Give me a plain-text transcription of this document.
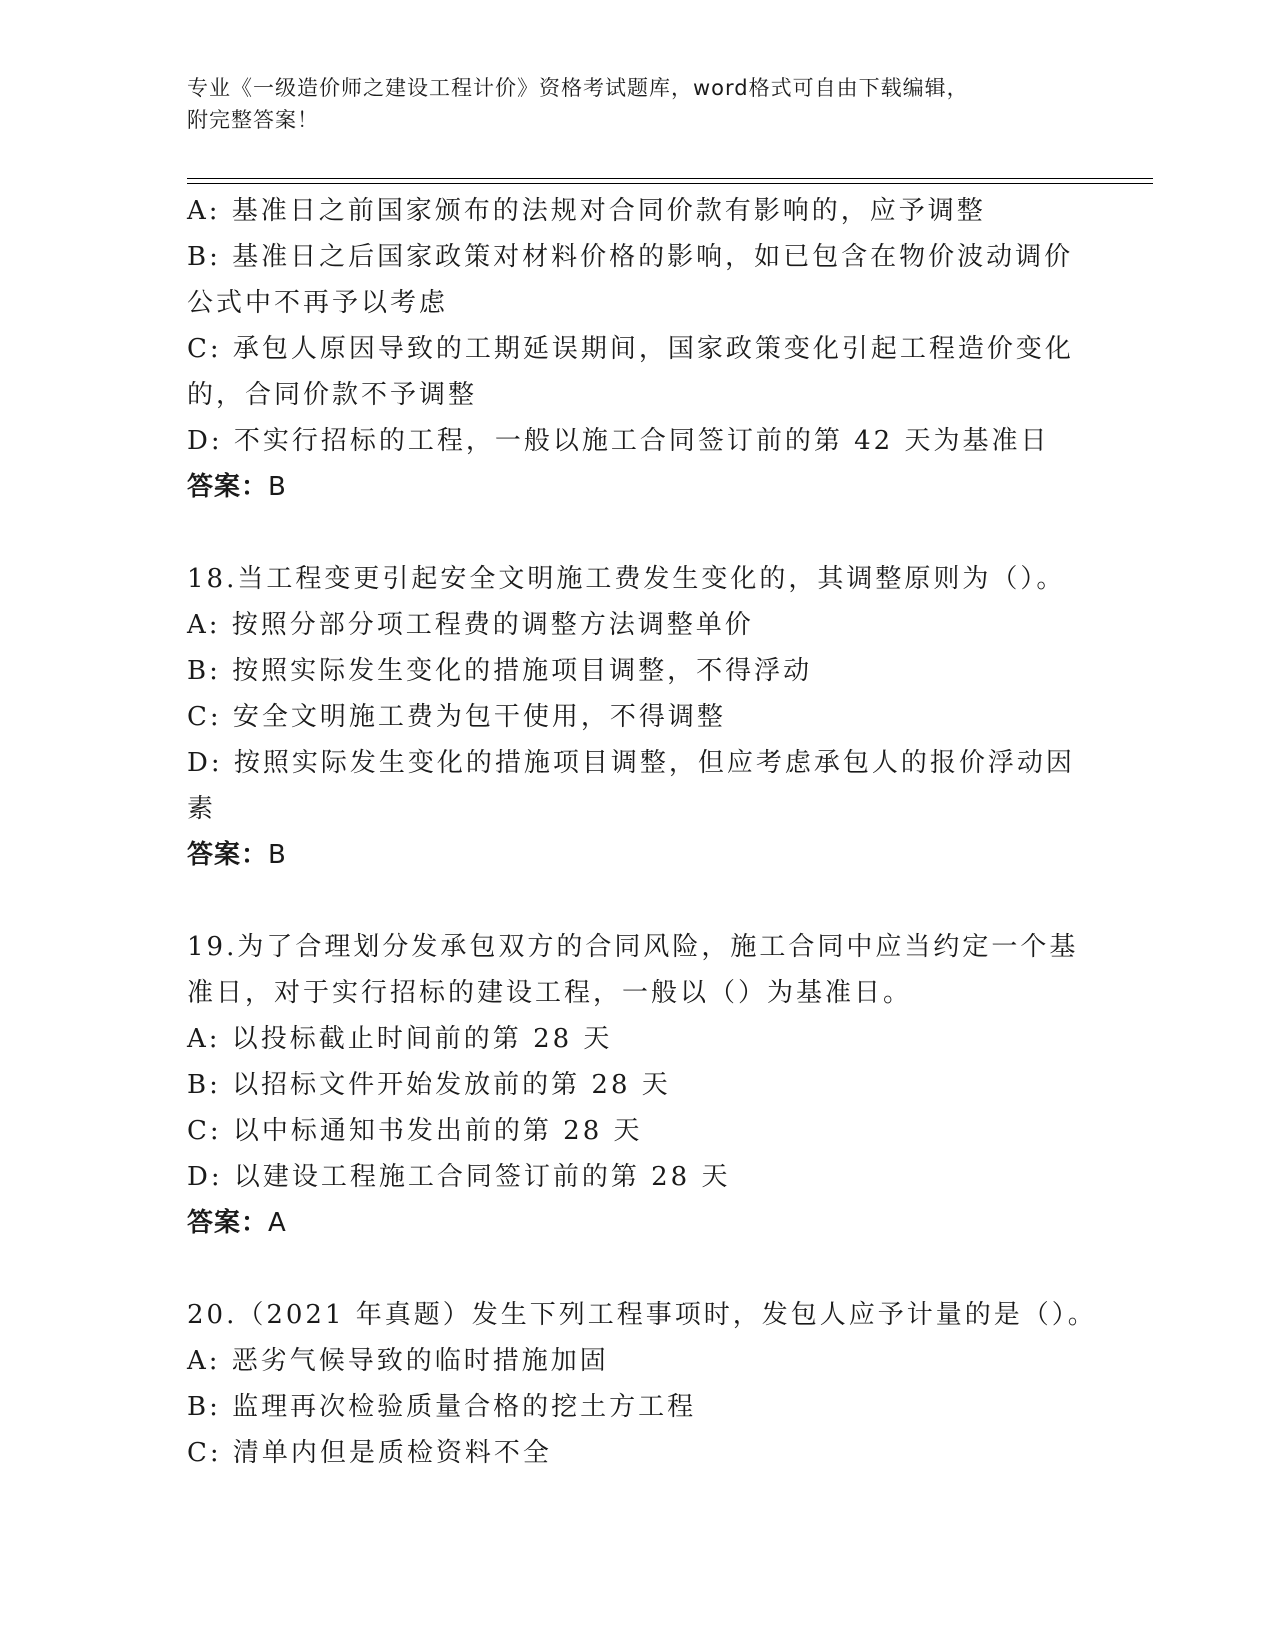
专业《一级造价师之建设工程计价》资格考试题库，word格式可自由下载编辑，
附完整答案！
A: 基准日之前国家颁布的法规对合同价款有影响的，应予调整
B: 基准日之后国家政策对材料价格的影响，如已包含在物价波动调价
公式中不再予以考虑
C: 承包人原因导致的工期延误期间，国家政策变化引起工程造价变化
的，合同价款不予调整
D: 不实行招标的工程，一般以施工合同签订前的第 42 天为基准日
答案：B
18.当工程变更引起安全文明施工费发生变化的，其调整原则为（）。
A: 按照分部分项工程费的调整方法调整单价
B: 按照实际发生变化的措施项目调整，不得浮动
C: 安全文明施工费为包干使用，不得调整
D: 按照实际发生变化的措施项目调整，但应考虑承包人的报价浮动因
素
答案：B
19.为了合理划分发承包双方的合同风险，施工合同中应当约定一个基
准日，对于实行招标的建设工程，一般以（）为基准日。
A: 以投标截止时间前的第 28 天
B: 以招标文件开始发放前的第 28 天
C: 以中标通知书发出前的第 28 天
D: 以建设工程施工合同签订前的第 28 天
答案：A
20.（2021 年真题）发生下列工程事项时，发包人应予计量的是（）。
A: 恶劣气候导致的临时措施加固
B: 监理再次检验质量合格的挖土方工程
C: 清单内但是质检资料不全
